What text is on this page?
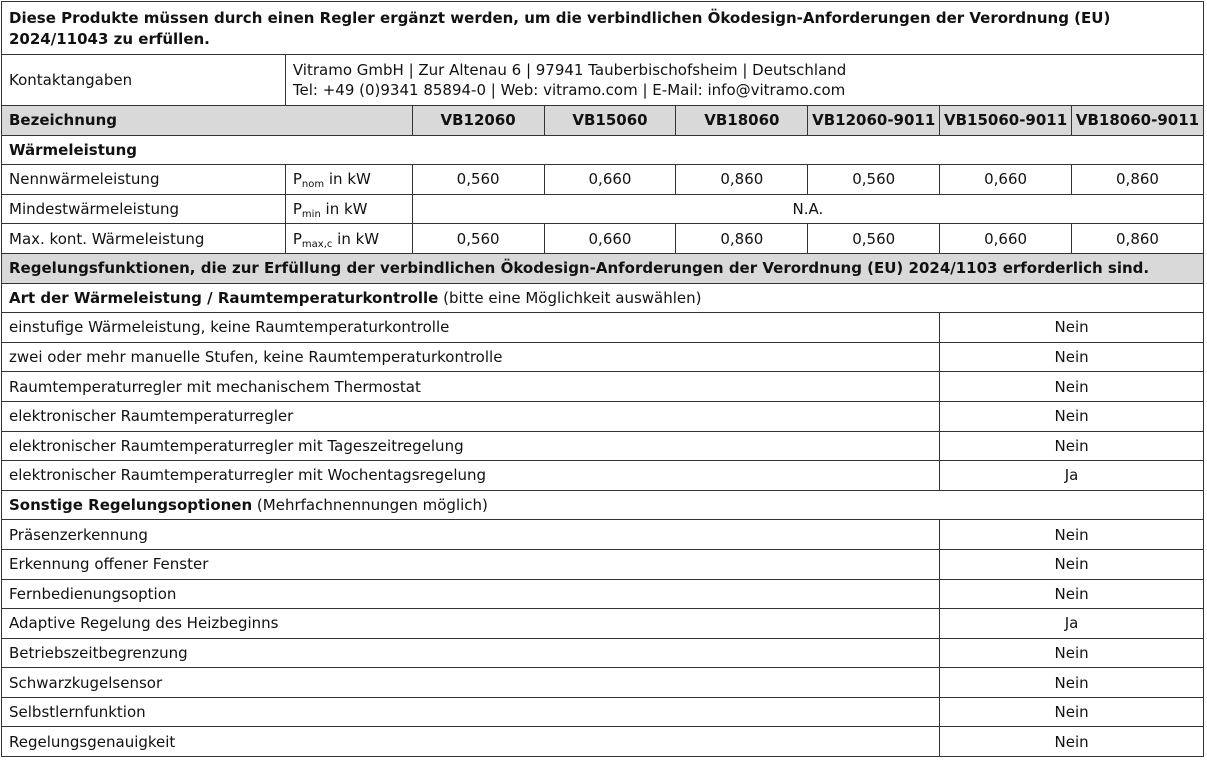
Diese Produkte müssen durch einen Regler ergänzt werden, um die verbindlichen Ökodesign-Anforderungen der Verordnung (EU) 2024/11043 zu erfüllen.							
Kontaktangaben	Vitramo GmbH | Zur Altenau 6 | 97941 Tauberbischofsheim | Deutschland
Tel: +49 (0)9341 85894-0 | Web: vitramo.com | E-Mail: info@vitramo.com						

Bezeichnung		VB12060	VB15060	VB18060	VB12060-9011	VB15060-9011	VB18060-9011
Wärmeleistung							
Nennwärmeleistung	$P_{nom}$ in kW	0,560	0,660	0,860	0,560	0,660	0,860
Mindestwärmeleistung	$P_{min}$ in kW	N.A.					
Max. kont. Wärmeleistung	$P_{max,c}$ in kW	0,560	0,660	0,860	0,560	0,660	0,860
Regelungsfunktionen, die zur Erfüllung der verbindlichen Ökodesign-Anforderungen der Verordnung (EU) 2024/1103 erforderlich sind.							
Art der Wärmeleistung / Raumtemperaturkontrolle (bitte eine Möglichkeit auswählen)							
einstufige Wärmeleistung, keine Raumtemperaturkontrolle						Nein	
zwei oder mehr manuelle Stufen, keine Raumtemperaturkontrolle						Nein	
Raumtemperaturregler mit mechanischem Thermostat						Nein	
elektronischer Raumtemperaturregler						Nein	
elektronischer Raumtemperaturregler mit Tageszeitregelung						Nein	
elektronischer Raumtemperaturregler mit Wochentagsregelung						Ja	
Sonstige Regelungsoptionen (Mehrfachnennungen möglich)							
Präsenzerkennung						Nein	
Erkennung offener Fenster						Nein	
Fernbedienungsoption						Nein	
Adaptive Regelung des Heizbeginns						Ja	
Betriebszeitbegrenzung						Nein	
Schwarzkugelsensor						Nein	
Selbstlernfunktion						Nein	
Regelungsgenauigkeit						Nein	
